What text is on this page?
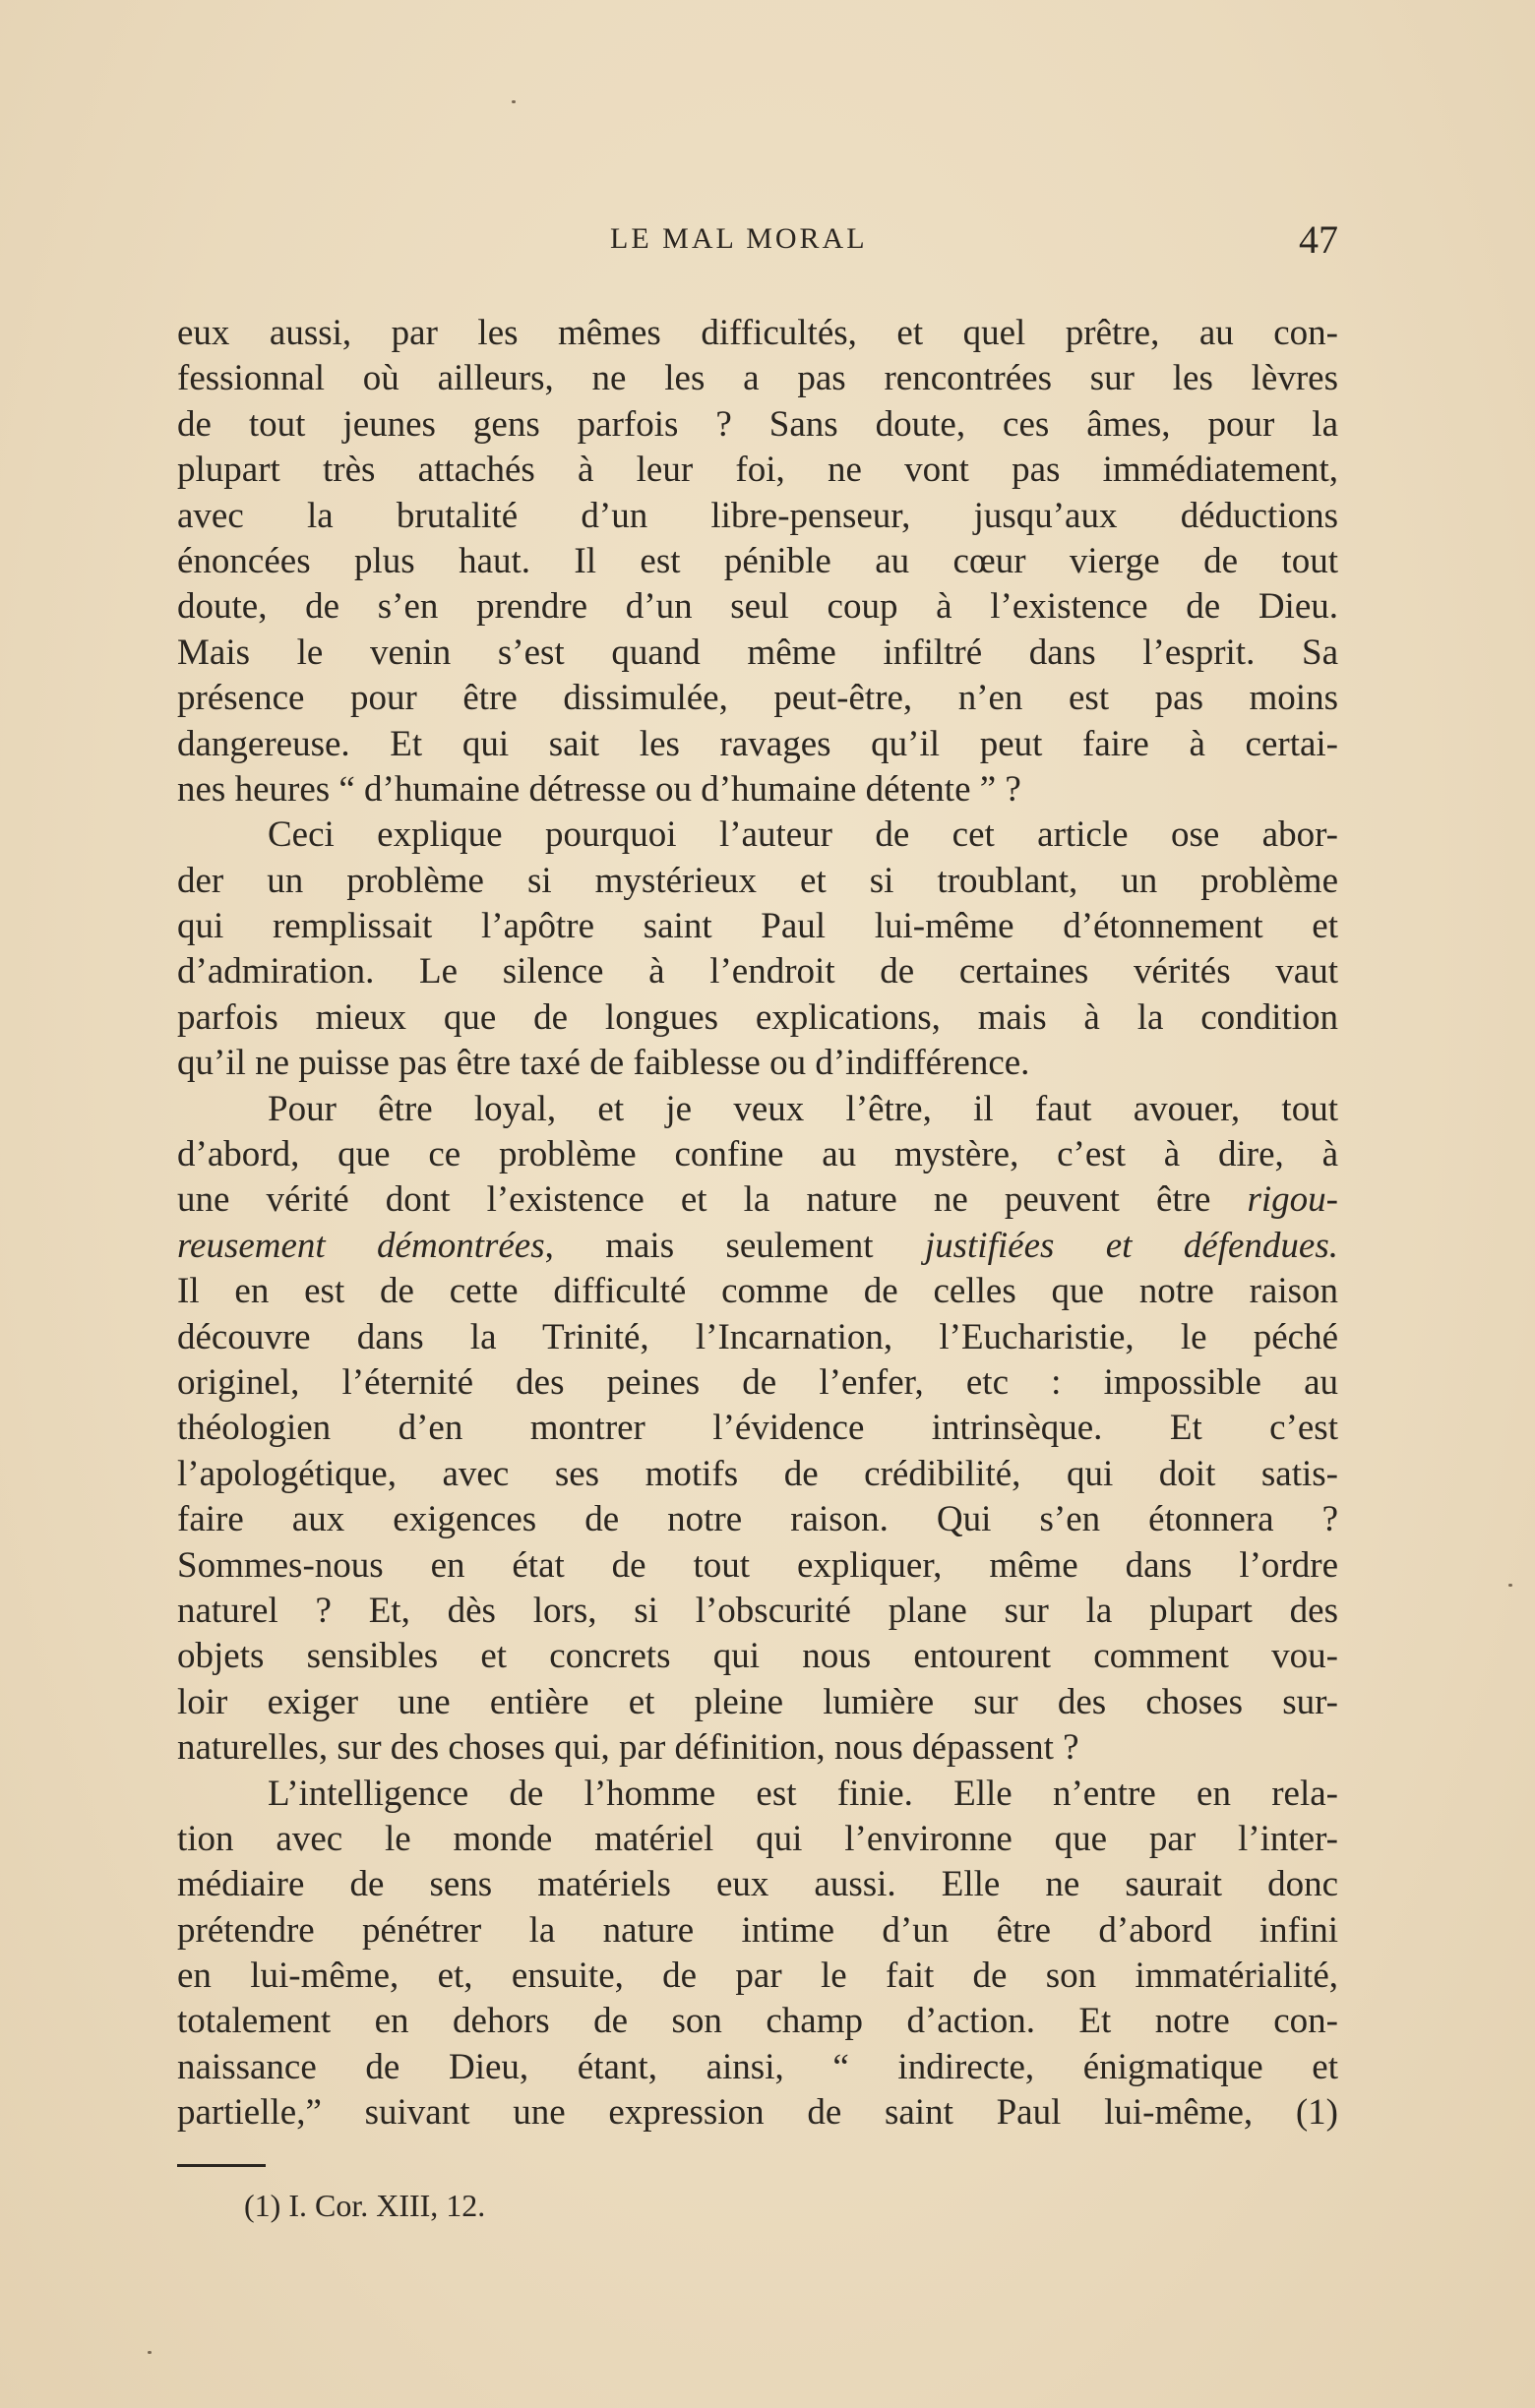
LE MAL MORAL	47
eux aussi, par les mêmes difficultés, et quel prêtre, au con-
fessionnal où ailleurs, ne les a pas rencontrées sur les lèvres
de tout jeunes gens parfois ? Sans doute, ces âmes, pour la
plupart très attachés à leur foi, ne vont pas immédiatement,
avec la brutalité d’un libre-penseur, jusqu’aux déductions
énoncées plus haut. Il est pénible au cœur vierge de tout
doute, de s’en prendre d’un seul coup à l’existence de Dieu.
Mais le venin s’est quand même infiltré dans l’esprit. Sa
présence pour être dissimulée, peut-être, n’en est pas moins
dangereuse. Et qui sait les ravages qu’il peut faire à certai-
nes heures “ d’humaine détresse ou d’humaine détente ” ?
Ceci explique pourquoi l’auteur de cet article ose abor-
der un problème si mystérieux et si troublant, un problème
qui remplissait l’apôtre saint Paul lui-même d’étonnement et
d’admiration. Le silence à l’endroit de certaines vérités vaut
parfois mieux que de longues explications, mais à la condition
qu’il ne puisse pas être taxé de faiblesse ou d’indifférence.
Pour être loyal, et je veux l’être, il faut avouer, tout
d’abord, que ce problème confine au mystère, c’est à dire, à
une vérité dont l’existence et la nature ne peuvent être rigou-
reusement démontrées, mais seulement justifiées et défendues.
Il en est de cette difficulté comme de celles que notre raison
découvre dans la Trinité, l’Incarnation, l’Eucharistie, le péché
originel, l’éternité des peines de l’enfer, etc : impossible au
théologien d’en montrer l’évidence intrinsèque. Et c’est
l’apologétique, avec ses motifs de crédibilité, qui doit satis-
faire aux exigences de notre raison. Qui s’en étonnera ?
Sommes-nous en état de tout expliquer, même dans l’ordre
naturel ? Et, dès lors, si l’obscurité plane sur la plupart des
objets sensibles et concrets qui nous entourent comment vou-
loir exiger une entière et pleine lumière sur des choses sur-
naturelles, sur des choses qui, par définition, nous dépassent ?
L’intelligence de l’homme est finie. Elle n’entre en rela-
tion avec le monde matériel qui l’environne que par l’inter-
médiaire de sens matériels eux aussi. Elle ne saurait donc
prétendre pénétrer la nature intime d’un être d’abord infini
en lui-même, et, ensuite, de par le fait de son immatérialité,
totalement en dehors de son champ d’action. Et notre con-
naissance de Dieu, étant, ainsi, “ indirecte, énigmatique et
partielle,” suivant une expression de saint Paul lui-même, (1)
(1) I. Cor. XIII, 12.
